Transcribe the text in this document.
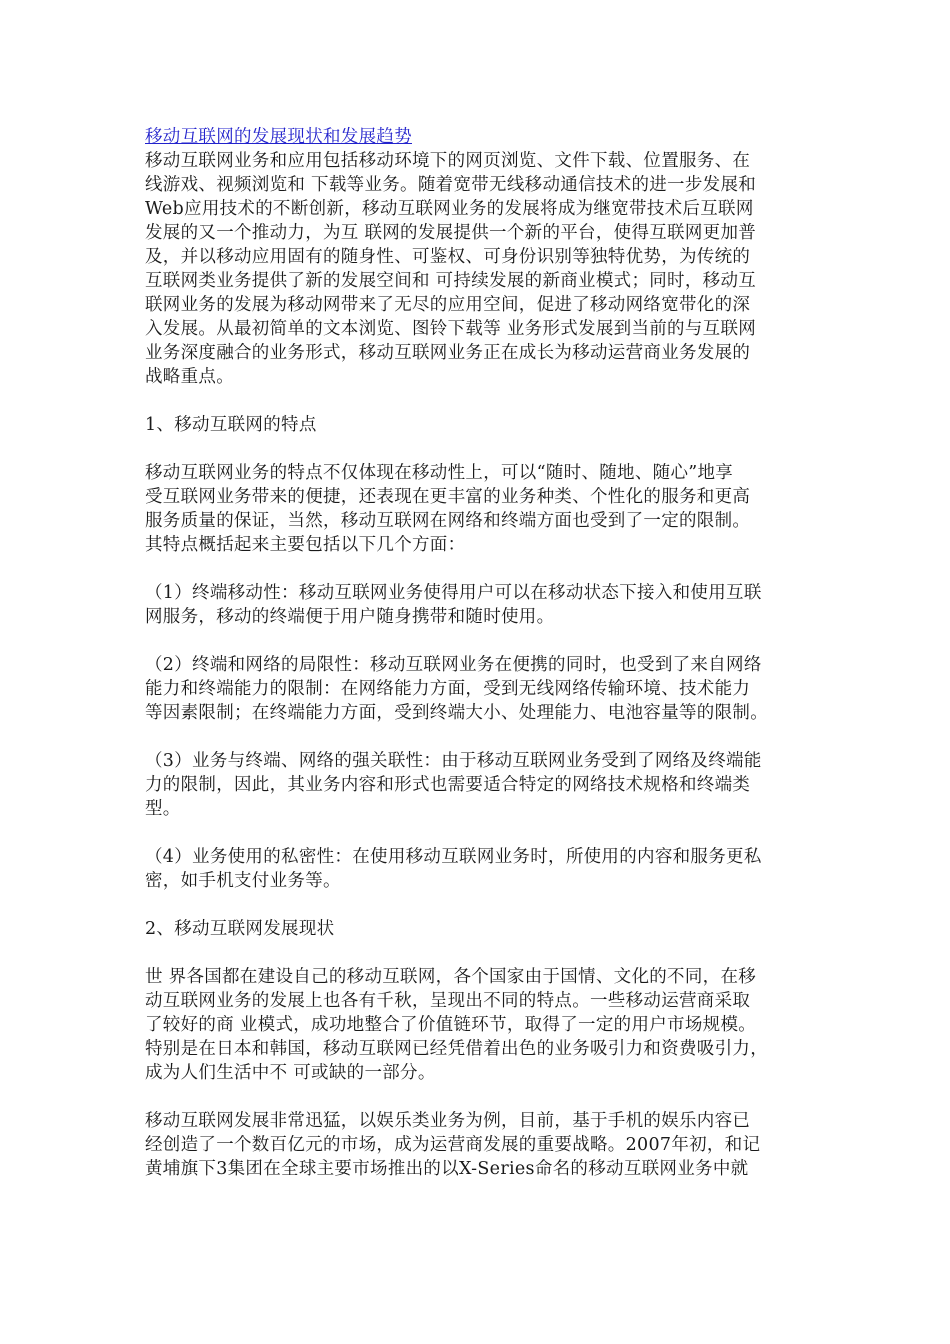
移动互联网的发展现状和发展趋势
移动互联网业务和应用包括移动环境下的网页浏览、文件下载、位置服务、在
线游戏、视频浏览和 下载等业务。随着宽带无线移动通信技术的进一步发展和
Web应用技术的不断创新，移动互联网业务的发展将成为继宽带技术后互联网
发展的又一个推动力，为互 联网的发展提供一个新的平台，使得互联网更加普
及，并以移动应用固有的随身性、可鉴权、可身份识别等独特优势，为传统的
互联网类业务提供了新的发展空间和 可持续发展的新商业模式；同时，移动互
联网业务的发展为移动网带来了无尽的应用空间，促进了移动网络宽带化的深
入发展。从最初简单的文本浏览、图铃下载等 业务形式发展到当前的与互联网
业务深度融合的业务形式，移动互联网业务正在成长为移动运营商业务发展的
战略重点。
1、移动互联网的特点
移动互联网业务的特点不仅体现在移动性上，可以“随时、随地、随心”地享
受互联网业务带来的便捷，还表现在更丰富的业务种类、个性化的服务和更高
服务质量的保证，当然，移动互联网在网络和终端方面也受到了一定的限制。
其特点概括起来主要包括以下几个方面：
（1）终端移动性：移动互联网业务使得用户可以在移动状态下接入和使用互联
网服务，移动的终端便于用户随身携带和随时使用。
（2）终端和网络的局限性：移动互联网业务在便携的同时，也受到了来自网络
能力和终端能力的限制：在网络能力方面，受到无线网络传输环境、技术能力
等因素限制；在终端能力方面，受到终端大小、处理能力、电池容量等的限制。
（3）业务与终端、网络的强关联性：由于移动互联网业务受到了网络及终端能
力的限制，因此，其业务内容和形式也需要适合特定的网络技术规格和终端类
型。
（4）业务使用的私密性：在使用移动互联网业务时，所使用的内容和服务更私
密，如手机支付业务等。
2、移动互联网发展现状
世 界各国都在建设自己的移动互联网，各个国家由于国情、文化的不同，在移
动互联网业务的发展上也各有千秋，呈现出不同的特点。一些移动运营商采取
了较好的商 业模式，成功地整合了价值链环节，取得了一定的用户市场规模。
特别是在日本和韩国，移动互联网已经凭借着出色的业务吸引力和资费吸引力，
成为人们生活中不 可或缺的一部分。
移动互联网发展非常迅猛，以娱乐类业务为例，目前，基于手机的娱乐内容已
经创造了一个数百亿元的市场，成为运营商发展的重要战略。2007年初，和记
黄埔旗下3集团在全球主要市场推出的以X-Series命名的移动互联网业务中就
